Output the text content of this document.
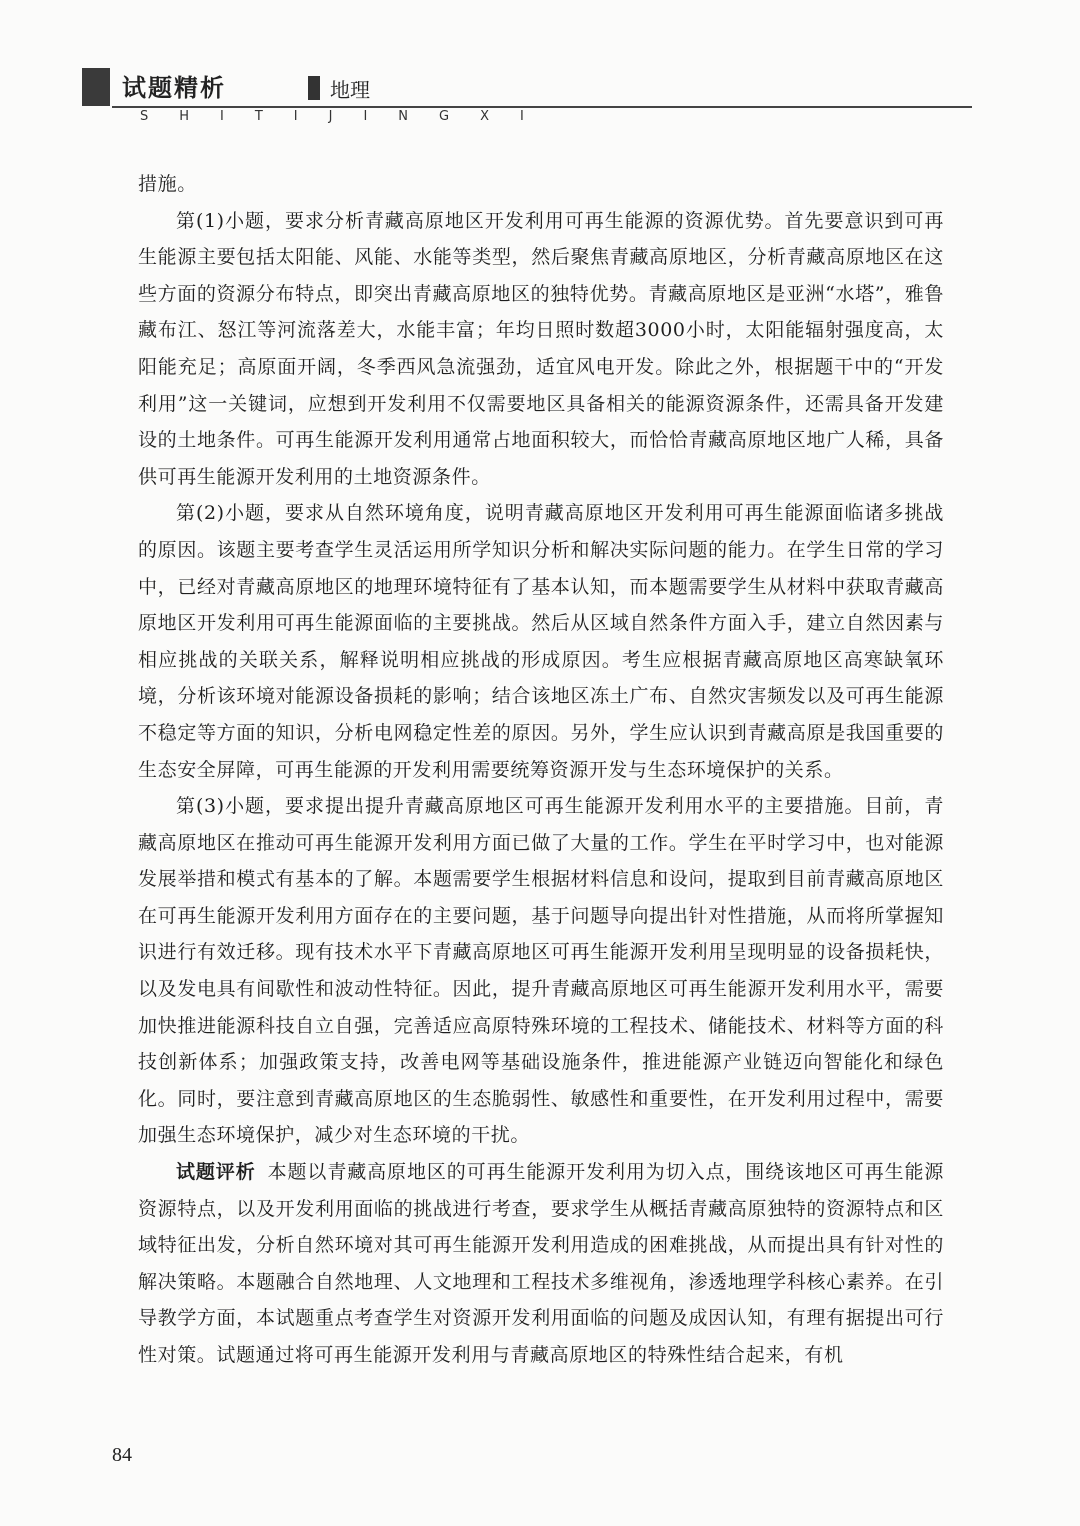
试题精析	地理
SHITIJINGXI

措施。

第(1)小题，要求分析青藏高原地区开发利用可再生能源的资源优势。首先要意识到可再生能源主要包括太阳能、风能、水能等类型，然后聚焦青藏高原地区，分析青藏高原地区在这些方面的资源分布特点，即突出青藏高原地区的独特优势。青藏高原地区是亚洲“水塔”，雅鲁藏布江、怒江等河流落差大，水能丰富；年均日照时数超3000小时，太阳能辐射强度高，太阳能充足；高原面开阔，冬季西风急流强劲，适宜风电开发。除此之外，根据题干中的“开发利用”这一关键词，应想到开发利用不仅需要地区具备相关的能源资源条件，还需具备开发建设的土地条件。可再生能源开发利用通常占地面积较大，而恰恰青藏高原地区地广人稀，具备供可再生能源开发利用的土地资源条件。

第(2)小题，要求从自然环境角度，说明青藏高原地区开发利用可再生能源面临诸多挑战的原因。该题主要考查学生灵活运用所学知识分析和解决实际问题的能力。在学生日常的学习中，已经对青藏高原地区的地理环境特征有了基本认知，而本题需要学生从材料中获取青藏高原地区开发利用可再生能源面临的主要挑战。然后从区域自然条件方面入手，建立自然因素与相应挑战的关联关系，解释说明相应挑战的形成原因。考生应根据青藏高原地区高寒缺氧环境，分析该环境对能源设备损耗的影响；结合该地区冻土广布、自然灾害频发以及可再生能源不稳定等方面的知识，分析电网稳定性差的原因。另外，学生应认识到青藏高原是我国重要的生态安全屏障，可再生能源的开发利用需要统筹资源开发与生态环境保护的关系。

第(3)小题，要求提出提升青藏高原地区可再生能源开发利用水平的主要措施。目前，青藏高原地区在推动可再生能源开发利用方面已做了大量的工作。学生在平时学习中，也对能源发展举措和模式有基本的了解。本题需要学生根据材料信息和设问，提取到目前青藏高原地区在可再生能源开发利用方面存在的主要问题，基于问题导向提出针对性措施，从而将所掌握知识进行有效迁移。现有技术水平下青藏高原地区可再生能源开发利用呈现明显的设备损耗快，以及发电具有间歇性和波动性特征。因此，提升青藏高原地区可再生能源开发利用水平，需要加快推进能源科技自立自强，完善适应高原特殊环境的工程技术、储能技术、材料等方面的科技创新体系；加强政策支持，改善电网等基础设施条件，推进能源产业链迈向智能化和绿色化。同时，要注意到青藏高原地区的生态脆弱性、敏感性和重要性，在开发利用过程中，需要加强生态环境保护，减少对生态环境的干扰。

试题评析 本题以青藏高原地区的可再生能源开发利用为切入点，围绕该地区可再生能源资源特点，以及开发利用面临的挑战进行考查，要求学生从概括青藏高原独特的资源特点和区域特征出发，分析自然环境对其可再生能源开发利用造成的困难挑战，从而提出具有针对性的解决策略。本题融合自然地理、人文地理和工程技术多维视角，渗透地理学科核心素养。在引导教学方面，本试题重点考查学生对资源开发利用面临的问题及成因认知，有理有据提出可行性对策。试题通过将可再生能源开发利用与青藏高原地区的特殊性结合起来，有机

84
